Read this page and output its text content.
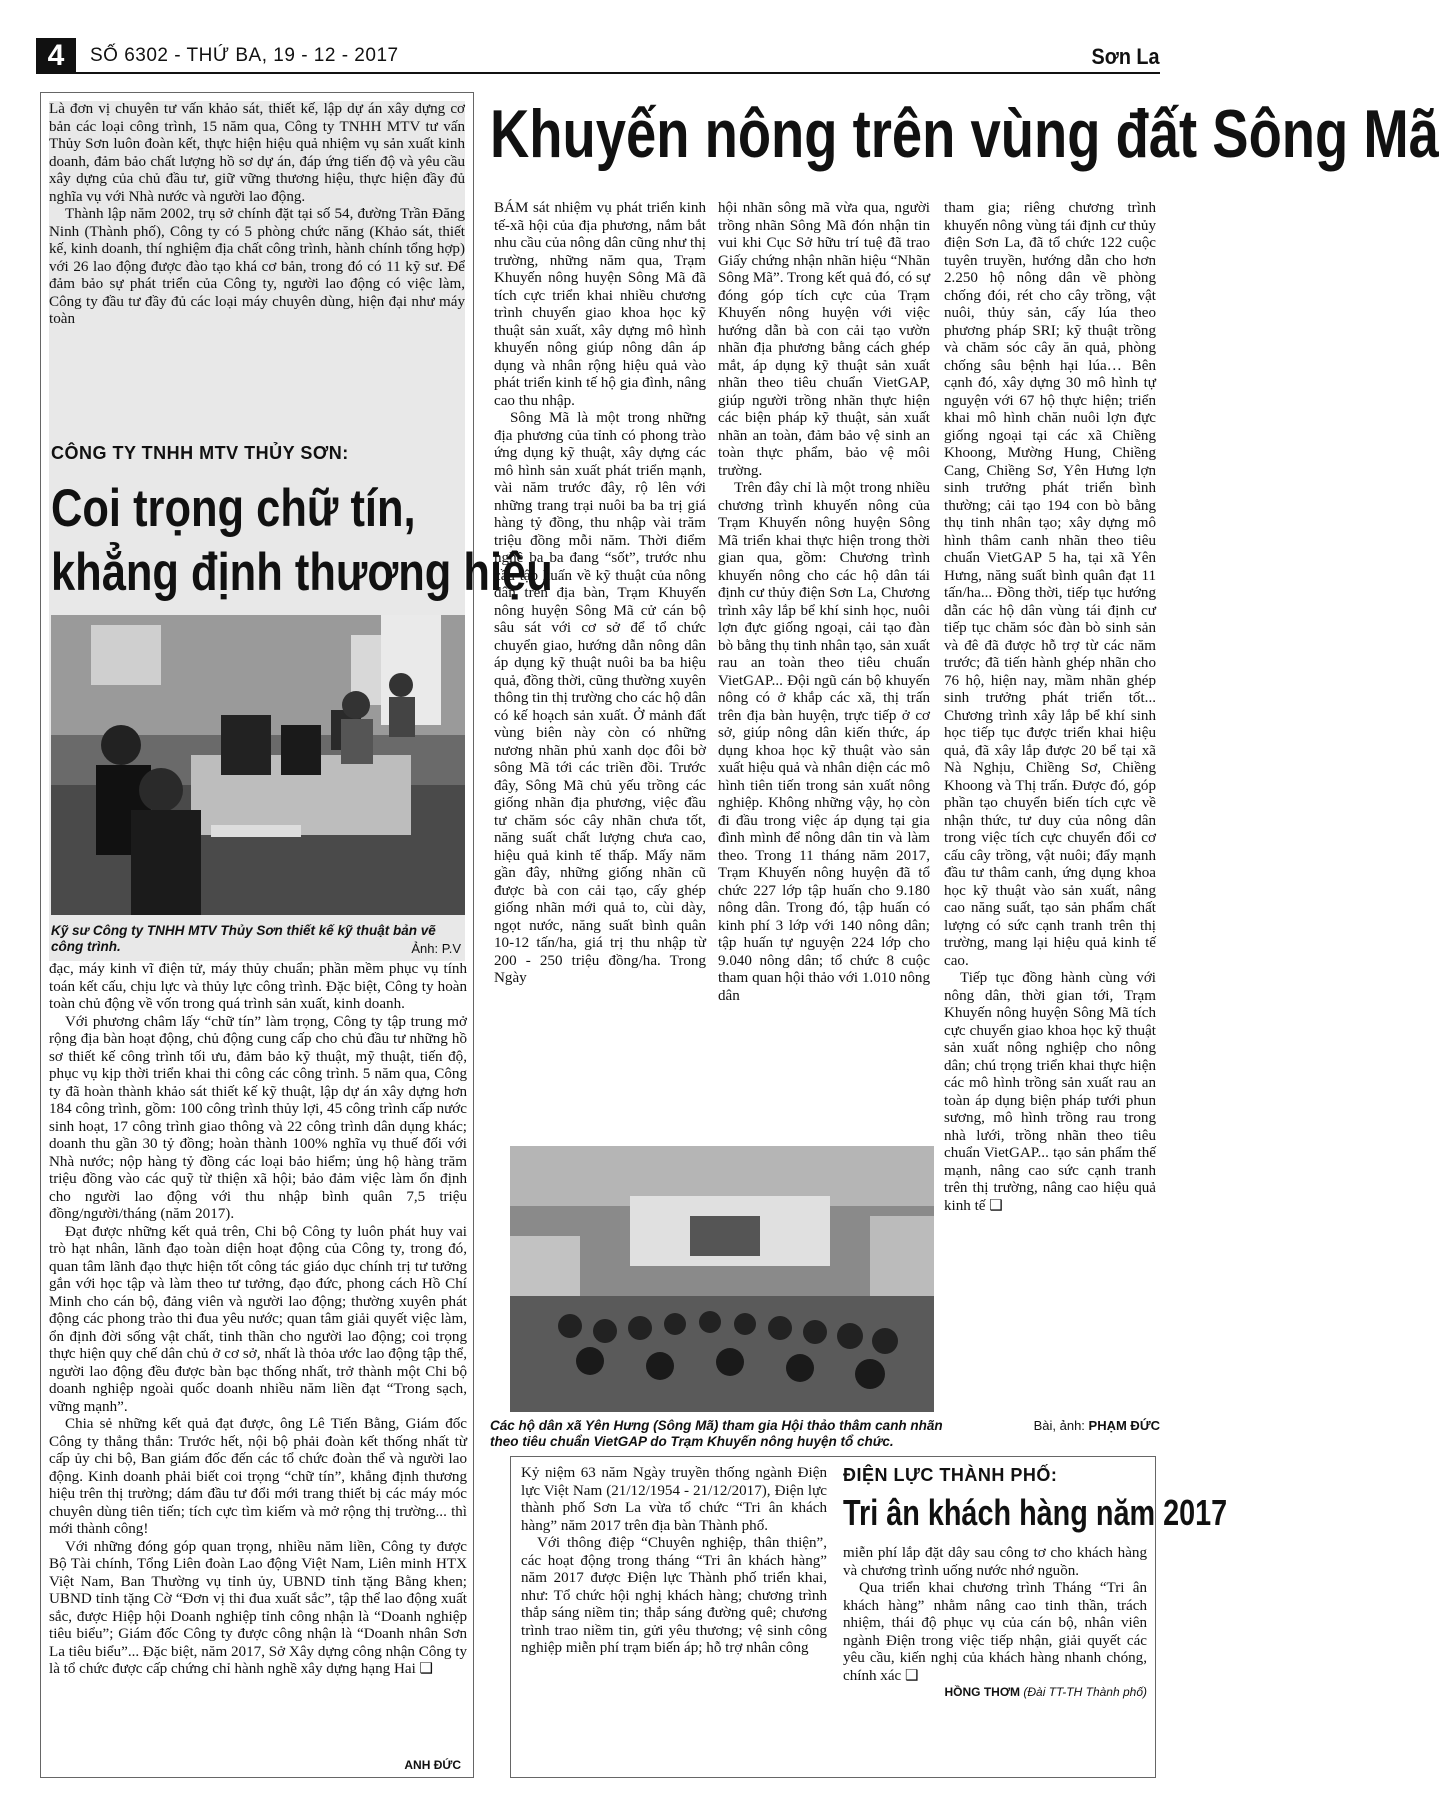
4	SỐ 6302 - THỨ BA, 19 - 12 - 2017	Sơn La

Là đơn vị chuyên tư vấn khảo sát, thiết kế, lập dự án xây dựng cơ bản các loại công trình, 15 năm qua, Công ty TNHH MTV tư vấn Thủy Sơn luôn đoàn kết, thực hiện hiệu quả nhiệm vụ sản xuất kinh doanh, đảm bảo chất lượng hồ sơ dự án, đáp ứng tiến độ và yêu cầu xây dựng của chủ đầu tư, giữ vững thương hiệu, thực hiện đầy đủ nghĩa vụ với Nhà nước và người lao động.

Thành lập năm 2002, trụ sở chính đặt tại số 54, đường Trần Đăng Ninh (Thành phố), Công ty có 5 phòng chức năng (Khảo sát, thiết kế, kinh doanh, thí nghiệm địa chất công trình, hành chính tổng hợp) với 26 lao động được đào tạo khá cơ bản, trong đó có 11 kỹ sư. Để đảm bảo sự phát triển của Công ty, người lao động có việc làm, Công ty đầu tư đầy đủ các loại máy chuyên dùng, hiện đại như máy toàn

CÔNG TY TNHH MTV THỦY SƠN:
Coi trọng chữ tín,
khẳng định thương hiệu
Kỹ sư Công ty TNHH MTV Thủy Sơn thiết kế kỹ thuật bản vẽ công trình.	Ảnh: P.V

đạc, máy kinh vĩ điện tử, máy thủy chuẩn; phần mềm phục vụ tính toán kết cấu, chịu lực và thủy lực công trình. Đặc biệt, Công ty hoàn toàn chủ động về vốn trong quá trình sản xuất, kinh doanh.

Với phương châm lấy “chữ tín” làm trọng, Công ty tập trung mở rộng địa bàn hoạt động, chủ động cung cấp cho chủ đầu tư những hồ sơ thiết kế công trình tối ưu, đảm bảo kỹ thuật, mỹ thuật, tiến độ, phục vụ kịp thời triển khai thi công các công trình. 5 năm qua, Công ty đã hoàn thành khảo sát thiết kế kỹ thuật, lập dự án xây dựng hơn 184 công trình, gồm: 100 công trình thủy lợi, 45 công trình cấp nước sinh hoạt, 17 công trình giao thông và 22 công trình dân dụng khác; doanh thu gần 30 tỷ đồng; hoàn thành 100% nghĩa vụ thuế đối với Nhà nước; nộp hàng tỷ đồng các loại bảo hiểm; ủng hộ hàng trăm triệu đồng vào các quỹ từ thiện xã hội; bảo đảm việc làm ổn định cho người lao động với thu nhập bình quân 7,5 triệu đồng/người/tháng (năm 2017).

Đạt được những kết quả trên, Chi bộ Công ty luôn phát huy vai trò hạt nhân, lãnh đạo toàn diện hoạt động của Công ty, trong đó, quan tâm lãnh đạo thực hiện tốt công tác giáo dục chính trị tư tưởng gắn với học tập và làm theo tư tưởng, đạo đức, phong cách Hồ Chí Minh cho cán bộ, đảng viên và người lao động; thường xuyên phát động các phong trào thi đua yêu nước; quan tâm giải quyết việc làm, ổn định đời sống vật chất, tinh thần cho người lao động; coi trọng thực hiện quy chế dân chủ ở cơ sở, nhất là thỏa ước lao động tập thể, người lao động đều được bàn bạc thống nhất, trở thành một Chi bộ doanh nghiệp ngoài quốc doanh nhiều năm liền đạt “Trong sạch, vững mạnh”.

Chia sẻ những kết quả đạt được, ông Lê Tiến Bằng, Giám đốc Công ty thẳng thắn: Trước hết, nội bộ phải đoàn kết thống nhất từ cấp ủy chi bộ, Ban giám đốc đến các tổ chức đoàn thể và người lao động. Kinh doanh phải biết coi trọng “chữ tín”, khẳng định thương hiệu trên thị trường; dám đầu tư đổi mới trang thiết bị các máy móc chuyên dùng tiên tiến; tích cực tìm kiếm và mở rộng thị trường... thì mới thành công!

Với những đóng góp quan trọng, nhiều năm liền, Công ty được Bộ Tài chính, Tổng Liên đoàn Lao động Việt Nam, Liên minh HTX Việt Nam, Ban Thường vụ tỉnh ủy, UBND tỉnh tặng Bằng khen; UBND tỉnh tặng Cờ “Đơn vị thi đua xuất sắc”, tập thể lao động xuất sắc, được Hiệp hội Doanh nghiệp tỉnh công nhận là “Doanh nghiệp tiêu biểu”; Giám đốc Công ty được công nhận là “Doanh nhân Sơn La tiêu biểu”... Đặc biệt, năm 2017, Sở Xây dựng công nhận Công ty là tổ chức được cấp chứng chỉ hành nghề xây dựng hạng Hai ❑

ANH ĐỨC
Khuyến nông trên vùng đất Sông Mã

BÁM sát nhiệm vụ phát triển kinh tế-xã hội của địa phương, nắm bắt nhu cầu của nông dân cũng như thị trường, những năm qua, Trạm Khuyến nông huyện Sông Mã đã tích cực triển khai nhiều chương trình chuyển giao khoa học kỹ thuật sản xuất, xây dựng mô hình khuyến nông giúp nông dân áp dụng và nhân rộng hiệu quả vào phát triển kinh tế hộ gia đình, nâng cao thu nhập.

Sông Mã là một trong những địa phương của tỉnh có phong trào ứng dụng kỹ thuật, xây dựng các mô hình sản xuất phát triển mạnh, vài năm trước đây, rộ lên với những trang trại nuôi ba ba trị giá hàng tỷ đồng, thu nhập vài trăm triệu đồng mỗi năm. Thời điểm nghề ba ba đang “sốt”, trước nhu cầu tập huấn về kỹ thuật của nông dân trên địa bàn, Trạm Khuyến nông huyện Sông Mã cử cán bộ sâu sát với cơ sở để tổ chức chuyển giao, hướng dẫn nông dân áp dụng kỹ thuật nuôi ba ba hiệu quả, đồng thời, cũng thường xuyên thông tin thị trường cho các hộ dân có kế hoạch sản xuất. Ở mảnh đất vùng biên này còn có những nương nhãn phủ xanh dọc đôi bờ sông Mã tới các triền đồi. Trước đây, Sông Mã chủ yếu trồng các giống nhãn địa phương, việc đầu tư chăm sóc cây nhãn chưa tốt, năng suất chất lượng chưa cao, hiệu quả kinh tế thấp. Mấy năm gần đây, những giống nhãn cũ được bà con cải tạo, cấy ghép giống nhãn mới quả to, cùi dày, ngọt nước, năng suất bình quân 10-12 tấn/ha, giá trị thu nhập từ 200 - 250 triệu đồng/ha. Trong Ngày

hội nhãn sông mã vừa qua, người trồng nhãn Sông Mã đón nhận tin vui khi Cục Sở hữu trí tuệ đã trao Giấy chứng nhận nhãn hiệu “Nhãn Sông Mã”. Trong kết quả đó, có sự đóng góp tích cực của Trạm Khuyến nông huyện với việc hướng dẫn bà con cải tạo vườn nhãn địa phương bằng cách ghép mắt, áp dụng kỹ thuật sản xuất nhãn theo tiêu chuẩn VietGAP, giúp người trồng nhãn thực hiện các biện pháp kỹ thuật, sản xuất nhãn an toàn, đảm bảo vệ sinh an toàn thực phẩm, bảo vệ môi trường.

Trên đây chỉ là một trong nhiều chương trình khuyến nông của Trạm Khuyến nông huyện Sông Mã triển khai thực hiện trong thời gian qua, gồm: Chương trình khuyến nông cho các hộ dân tái định cư thủy điện Sơn La, Chương trình xây lắp bể khí sinh học, nuôi lợn đực giống ngoại, cải tạo đàn bò bằng thụ tinh nhân tạo, sản xuất rau an toàn theo tiêu chuẩn VietGAP... Đội ngũ cán bộ khuyến nông có ở khắp các xã, thị trấn trên địa bàn huyện, trực tiếp ở cơ sở, giúp nông dân kiến thức, áp dụng khoa học kỹ thuật vào sản xuất hiệu quả và nhân diện các mô hình tiên tiến trong sản xuất nông nghiệp. Không những vậy, họ còn đi đầu trong việc áp dụng tại gia đình mình để nông dân tin và làm theo. Trong 11 tháng năm 2017, Trạm Khuyến nông huyện đã tổ chức 227 lớp tập huấn cho 9.180 nông dân. Trong đó, tập huấn có kinh phí 3 lớp với 140 nông dân; tập huấn tự nguyện 224 lớp cho 9.040 nông dân; tổ chức 8 cuộc tham quan hội thảo với 1.010 nông dân

tham gia; riêng chương trình khuyến nông vùng tái định cư thủy điện Sơn La, đã tổ chức 122 cuộc tuyên truyền, hướng dẫn cho hơn 2.250 hộ nông dân về phòng chống đói, rét cho cây trồng, vật nuôi, thủy sản, cấy lúa theo phương pháp SRI; kỹ thuật trồng và chăm sóc cây ăn quả, phòng chống sâu bệnh hại lúa… Bên cạnh đó, xây dựng 30 mô hình tự nguyện với 67 hộ thực hiện; triển khai mô hình chăn nuôi lợn đực giống ngoại tại các xã Chiềng Khoong, Mường Hung, Chiềng Cang, Chiềng Sơ, Yên Hưng lợn sinh trưởng phát triển bình thường; cải tạo 194 con bò bằng thụ tinh nhân tạo; xây dựng mô hình thâm canh nhãn theo tiêu chuẩn VietGAP 5 ha, tại xã Yên Hưng, năng suất bình quân đạt 11 tấn/ha... Đồng thời, tiếp tục hướng dẫn các hộ dân vùng tái định cư tiếp tục chăm sóc đàn bò sinh sản và đê đã được hỗ trợ từ các năm trước; đã tiến hành ghép nhãn cho 76 hộ, hiện nay, mầm nhãn ghép sinh trưởng phát triển tốt... Chương trình xây lắp bể khí sinh học tiếp tục được triển khai hiệu quả, đã xây lắp được 20 bể tại xã Nà Nghịu, Chiềng Sơ, Chiềng Khoong và Thị trấn. Được đó, góp phần tạo chuyển biến tích cực về nhận thức, tư duy của nông dân trong việc tích cực chuyển đổi cơ cấu cây trồng, vật nuôi; đẩy mạnh đầu tư thâm canh, ứng dụng khoa học kỹ thuật vào sản xuất, nâng cao năng suất, tạo sản phẩm chất lượng có sức cạnh tranh trên thị trường, mang lại hiệu quả kinh tế cao.

Tiếp tục đồng hành cùng với nông dân, thời gian tới, Trạm Khuyến nông huyện Sông Mã tích cực chuyển giao khoa học kỹ thuật sản xuất nông nghiệp cho nông dân; chú trọng triển khai thực hiện các mô hình trồng sản xuất rau an toàn áp dụng biện pháp tưới phun sương, mô hình trồng rau trong nhà lưới, trồng nhãn theo tiêu chuẩn VietGAP... tạo sản phẩm thế mạnh, nâng cao sức cạnh tranh trên thị trường, nâng cao hiệu quả kinh tế ❑

Các hộ dân xã Yên Hưng (Sông Mã) tham gia Hội thảo thâm canh nhãn theo tiêu chuẩn VietGAP do Trạm Khuyến nông huyện tổ chức.
Bài, ảnh: PHẠM ĐỨC

Kỷ niệm 63 năm Ngày truyền thống ngành Điện lực Việt Nam (21/12/1954 - 21/12/2017), Điện lực thành phố Sơn La vừa tổ chức “Tri ân khách hàng” năm 2017 trên địa bàn Thành phố.

Với thông điệp “Chuyên nghiệp, thân thiện”, các hoạt động trong tháng “Tri ân khách hàng” năm 2017 được Điện lực Thành phố triển khai, như: Tổ chức hội nghị khách hàng; chương trình thắp sáng niềm tin; thắp sáng đường quê; chương trình trao niềm tin, gửi yêu thương; vệ sinh công nghiệp miễn phí trạm biến áp; hỗ trợ nhân công

ĐIỆN LỰC THÀNH PHỐ:
Tri ân khách hàng năm 2017

miễn phí lắp đặt dây sau công tơ cho khách hàng và chương trình uống nước nhớ nguồn.

Qua triển khai chương trình Tháng “Tri ân khách hàng” nhằm nâng cao tinh thần, trách nhiệm, thái độ phục vụ của cán bộ, nhân viên ngành Điện trong việc tiếp nhận, giải quyết các yêu cầu, kiến nghị của khách hàng nhanh chóng, chính xác ❑

HỒNG THƠM (Đài TT-TH Thành phố)
